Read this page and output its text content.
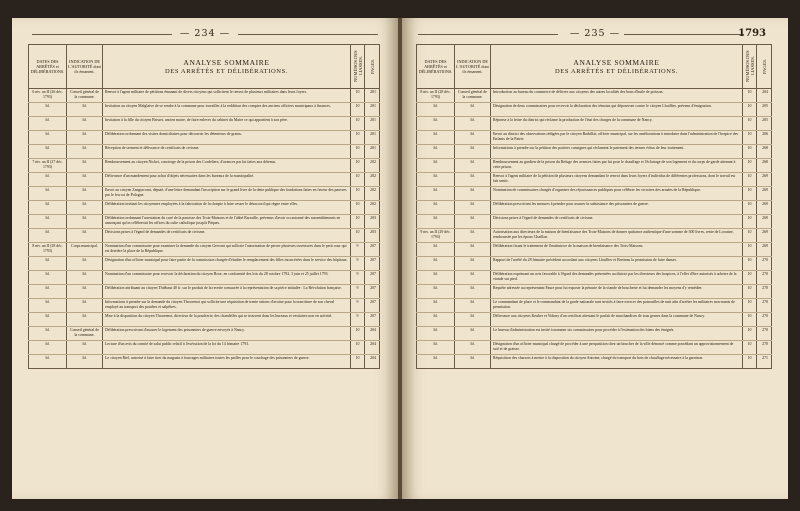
— 234 —
DATES DES ARRÊTÉS et DÉLIBÉRATIONS.	INDICATION DE L'AUTORITÉ dont ils émanent.	ANALYSE SOMMAIRE
DES ARRÊTÉS ET DÉLIBÉRATIONS.	NUMÉROS DES LIASSES.	PAGES.
6 niv. an II (26 déc. 1793)	Conseil général de la commune.	Renvoi à l'agent militaire de pétitions émanant de divers citoyens qui sollicitent le renvoi de plusieurs militaires dans leurs foyers.	10	201
Id.	Id.	Invitation au citoyen Malglaive de se rendre à la commune pour travailler à la reddition des comptes des anciens officiers municipaux à finances.	10	201
Id.	Id.	Invitation à la fille du citoyen Brisset, ancien maire, de faire enlever du cabinet du Maire ce qui appartient à son père.	10	201
Id.	Id.	Délibération ordonnant des visites domiciliaires pour découvrir les détenteurs de grains.	10	201
Id.	Id.	Réception de serment et délivrance de certificats de civisme.	10	201
7 niv. an II (27 déc. 1793)	Id.	Remboursement au citoyen Nicket, concierge de la prison des Cordeliers, d'avances par lui faites aux détenus.	10	202
Id.	Id.	Délivrance d'un mandement pour achat d'objets nécessaires dans les bureaux de la municipalité.	10	202
Id.	Id.	Envoi au citoyen Zangiacomi, député, d'une lettre demandant l'inscription sur le grand livre de la dette publique des fondations faites en faveur des pauvres par le feu roi de Pologne.	10	202
Id.	Id.	Délibération invitant les citoyennes employées à la fabrication de la charpie à faire cesser le désaccord qui règne entre elles.	10	202
Id.	Id.	Délibération ordonnant l'arrestation du curé de la paroisse des Trois-Maisons et de l'abbé Barraille, prévenus d'avoir occasionné des rassemblements en annonçant qu'on célèbrerait les offices du culte catholique jusqu'à Pâques.	10	203
Id.	Id.	Décisions prises à l'égard de demandes de certificats de civisme.	10	203
8 niv. an II (28 déc. 1793)	Corps municipal.	Nomination d'un commissaire pour examiner la demande du citoyen Gervant qui sollicite l'autorisation de percer plusieurs ouvertures dans le petit cour qui est derrière la place de la République.	9	207
Id.	Id.	Désignation d'un officier municipal pour faire partie de la commission chargée d'étudier le remplacement des filles incarcérées dans le service des hôpitaux.	9	207
Id.	Id.	Nomination d'un commissaire pour recevoir la déclaration du citoyen Rose, en conformité des lois du 28 octobre 1792, 3 juin et 25 juillet 1793.	9	207
Id.	Id.	Délibération attribuant au citoyen Thiébaut 40 fr. sur le produit de la recette consacrée à la représentation de sa pièce intitulée : La Révolution française.	9	207
Id.	Id.	Informations à prendre sur la demande du citoyen Thouvenot qui sollicite une réquisition de trente rations d'avoine pour la nourriture de son cheval employé au transport des poudres et salpêtres.	9	207
Id.	Id.	Mise à la disposition du citoyen Thouvenot, directeur de la poudrerie, des chandelles qui se trouvent dans les bureaux et vestiaires non en activité.	9	207
Id.	Conseil général de la commune.	Délibération prescrivant d'assurer le logement des prisonniers de guerre envoyés à Nancy.	10	204
Id.	Id.	Lecture d'un avis du comité de salut public relatif à l'exécution de la loi du 14 frimaire 1793.	10	204
Id.	Id.	Le citoyen Riel, autorisé à faire tirer du magasin à fourrages militaires toutes les pailles pour le couchage des prisonniers de guerre.	10	204
— 235 —	1793
DATES DES ARRÊTÉS et DÉLIBÉRATIONS.	INDICATION DE L'AUTORITÉ dont ils émanent.	ANALYSE SOMMAIRE
DES ARRÊTÉS ET DÉLIBÉRATIONS.	NUMÉROS DES LIASSES.	PAGES.
8 niv. an II (28 déc. 1793)	Conseil général de la commune.	Introduction au bureau du commerce de délivrer aux citoyens des autres localités des bons d'huile de poisson.	10	204
Id.	Id.	Désignation de deux commissaires pour recevoir la déclaration des témoins qui déposeront contre le citoyen Lhuillier, prévenu d'émigration.	10	205
Id.	Id.	Réponse à la lettre du district qui réclame la production de l'état des charges de la commune de Nancy.	10	205
Id.	Id.	Envoi au district des observations rédigées par le citoyen Barbillat, officier municipal, sur les améliorations à introduire dans l'administration de l'hospice des Enfants de la Patrie.	10	206
Id.	Id.	Informations à prendre sur la pétition des portiers consignes qui réclament le paiement des termes échus de leur traitement.	10	268
Id.	Id.	Remboursement au gardien de la prison du Refuge des avances faites par lui pour le chauffage et l'éclairage de son logement et du corps de garde attenant à cette prison.	10	268
Id.	Id.	Renvoi à l'agent militaire de la pétition de plusieurs citoyens demandant le renvoi dans leurs foyers d'individus de différentes professions, dont le travail est fait sentir.	10	269
Id.	Id.	Nomination de commissaires chargés d'organiser des réjouissances publiques pour célébrer les victoires des armées de la République.	10	269
Id.	Id.	Délibération prescrivant les mesures à prendre pour assurer la subsistance des prisonniers de guerre.	10	269
Id.	Id.	Décisions prises à l'égard de demandes de certificats de civisme.	10	269
9 niv. an II (29 déc. 1793)	Id.	Autorisation aux directeurs de la maison de bienfaisance des Trois-Maisons de donner quittance authentique d'une somme de 300 livres, rente de Lorraine, remboursée par les époux Chaillon.	10	269
Id.	Id.	Délibération fixant le traitement de l'institutrice de la maison de bienfaisance des Trois-Maisons.	10	269
Id.	Id.	Rapport de l'arrêté du 28 frimaire précédent accordant aux citoyens Lhuillier et Bretteau la permission de faire danser.	10	270
Id.	Id.	Délibération exprimant un avis favorable à l'égard des demandes présentées au district par les directeurs des hospices, à l'effet d'être autorisés à acheter de la viande sur pied.	10	270
Id.	Id.	Requête adressée au représentant Faure pour lui exposer la pénurie de la viande de boucherie et lui demander les moyens d'y remédier.	10	270
Id.	Id.	Le commandant de place et le commandant de la garde nationale sont invités à faire exercer des patrouilles de nuit afin d'arrêter les militaires non munis de permission.	10	270
Id.	Id.	Délivrance aux citoyens Keuber et Vidony d'un certificat attestant le parfait de marchandises de tous genres dans la commune de Nancy.	10	270
Id.	Id.	Le bureau d'administration est invité à nommer six commissaires pour procéder à l'estimation des biens des émigrés.	10	270
Id.	Id.	Désignation d'un officier municipal chargé de procéder à une perquisition chez un boucher de la ville dénoncé comme possédant un approvisionnement de suif et de graisse.	10	270
Id.	Id.	Réquisition des charrois à mettre à la disposition du citoyen Antoine, chargé du transport du bois de chauffage nécessaire à la garnison.	10	271
